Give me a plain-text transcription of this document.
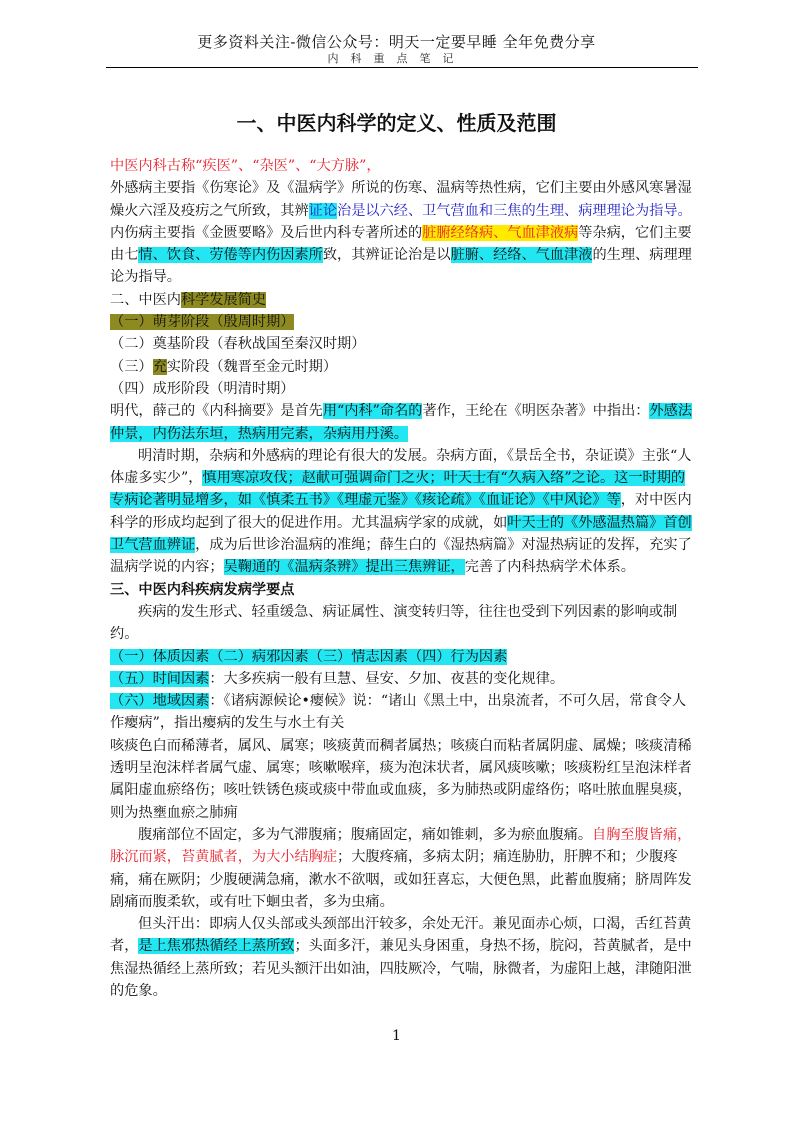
更多资料关注-微信公众号：明天一定要早睡 全年免费分享
内科重点笔记
一、中医内科学的定义、性质及范围

中医内科古称“疾医”、“杂医”、“大方脉”，

外感病主要指《伤寒论》及《温病学》所说的伤寒、温病等热性病，它们主要由外感风寒暑湿燥火六淫及疫疠之气所致，其辨证论治是以六经、卫气营血和三焦的生理、病理理论为指导。

内伤病主要指《金匮要略》及后世内科专著所述的脏腑经络病、气血津液病等杂病，它们主要由七情、饮食、劳倦等内伤因素所致，其辨证论治是以脏腑、经络、气血津液的生理、病理理论为指导。

二、中医内科学发展简史

（一）萌芽阶段（殷周时期）

（二）奠基阶段（春秋战国至秦汉时期）

（三）充实阶段（魏晋至金元时期）

（四）成形阶段（明清时期）

明代，薛己的《内科摘要》是首先用“内科”命名的著作，王纶在《明医杂著》中指出：外感法仲景，内伤法东垣，热病用完素，杂病用丹溪。

明清时期，杂病和外感病的理论有很大的发展。杂病方面，《景岳全书，杂证谟》主张“人体虚多实少”，慎用寒凉攻伐；赵献可强调命门之火；叶天士有“久病入络”之论。这一时期的专病论著明显增多，如《慎柔五书》《理虚元鉴》《痎论疏》《血证论》《中风论》等，对中医内科学的形成均起到了很大的促进作用。尤其温病学家的成就，如叶天士的《外感温热篇》首创卫气营血辨证，成为后世诊治温病的准绳；薛生白的《湿热病篇》对湿热病证的发挥，充实了温病学说的内容；吴鞠通的《温病条辨》提出三焦辨证，完善了内科热病学术体系。

三、中医内科疾病发病学要点

疾病的发生形式、轻重缓急、病证属性、演变转归等，往往也受到下列因素的影响或制约。

（一）体质因素（二）病邪因素（三）情志因素（四）行为因素

（五）时间因素：大多疾病一般有旦慧、昼安、夕加、夜甚的变化规律。

（六）地域因素：《诸病源候论•瘿候》说：“诸山《黑土中，出泉流者，不可久居，常食令人作瘿病”，指出瘿病的发生与水土有关

咳痰色白而稀薄者，属风、属寒；咳痰黄而稠者属热；咳痰白而粘者属阴虚、属燥；咳痰清稀透明呈泡沫样者属气虚、属寒；咳嗽喉痒，痰为泡沫状者，属风痰咳嗽；咳痰粉红呈泡沫样者属阳虚血瘀络伤；咳吐铁锈色痰或痰中带血或血痰，多为肺热或阴虚络伤；咯吐脓血腥臭痰，则为热壅血瘀之肺痈

腹痛部位不固定，多为气滞腹痛；腹痛固定，痛如锥刺，多为瘀血腹痛。自胸至腹皆痛，脉沉而紧，苔黄腻者，为大小结胸症；大腹疼痛，多病太阴；痛连胁肋，肝脾不和；少腹疼痛，痛在厥阴；少腹硬满急痛，漱水不欲咽，或如狂喜忘，大便色黑，此蓄血腹痛；脐周阵发剧痛而腹柔软，或有吐下蛔虫者，多为虫痛。

但头汗出：即病人仅头部或头颈部出汗较多，余处无汗。兼见面赤心烦，口渴，舌红苔黄者，是上焦邪热循经上蒸所致；头面多汗，兼见头身困重，身热不扬，脘闷，苔黄腻者，是中焦湿热循经上蒸所致；若见头额汗出如油，四肢厥冷，气喘，脉微者，为虚阳上越，津随阳泄的危象。

1
